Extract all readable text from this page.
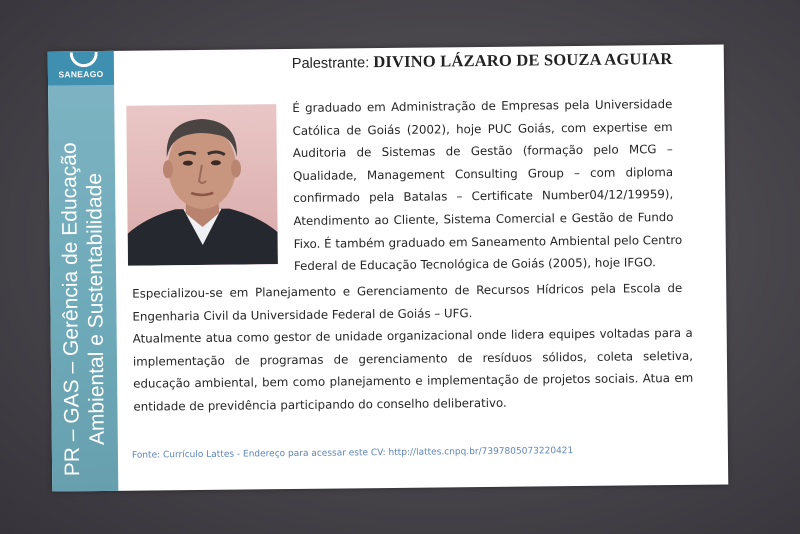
SANEAGO
PR – GAS – Gerência de Educação
Ambiental e Sustentabilidade
Palestrante: DIVINO LÁZARO DE SOUZA AGUIAR
É graduado em Administração de Empresas pela Universidade
Católica de Goiás (2002), hoje PUC Goiás, com expertise em
Auditoria de Sistemas de Gestão (formação pelo MCG –
Qualidade, Management Consulting Group – com diploma
confirmado pela Batalas – Certificate Number04/12/19959),
Atendimento ao Cliente, Sistema Comercial e Gestão de Fundo
Fixo. É também graduado em Saneamento Ambiental pelo Centro
Federal de Educação Tecnológica de Goiás (2005), hoje IFGO.
Especializou-se em Planejamento e Gerenciamento de Recursos Hídricos pela Escola de
Engenharia Civil da Universidade Federal de Goiás – UFG.
Atualmente atua como gestor de unidade organizacional onde lidera equipes voltadas para a
implementação de programas de gerenciamento de resíduos sólidos, coleta seletiva,
educação ambiental, bem como planejamento e implementação de projetos sociais. Atua em
entidade de previdência participando do conselho deliberativo.
Fonte: Currículo Lattes - Endereço para acessar este CV: http://lattes.cnpq.br/7397805073220421
